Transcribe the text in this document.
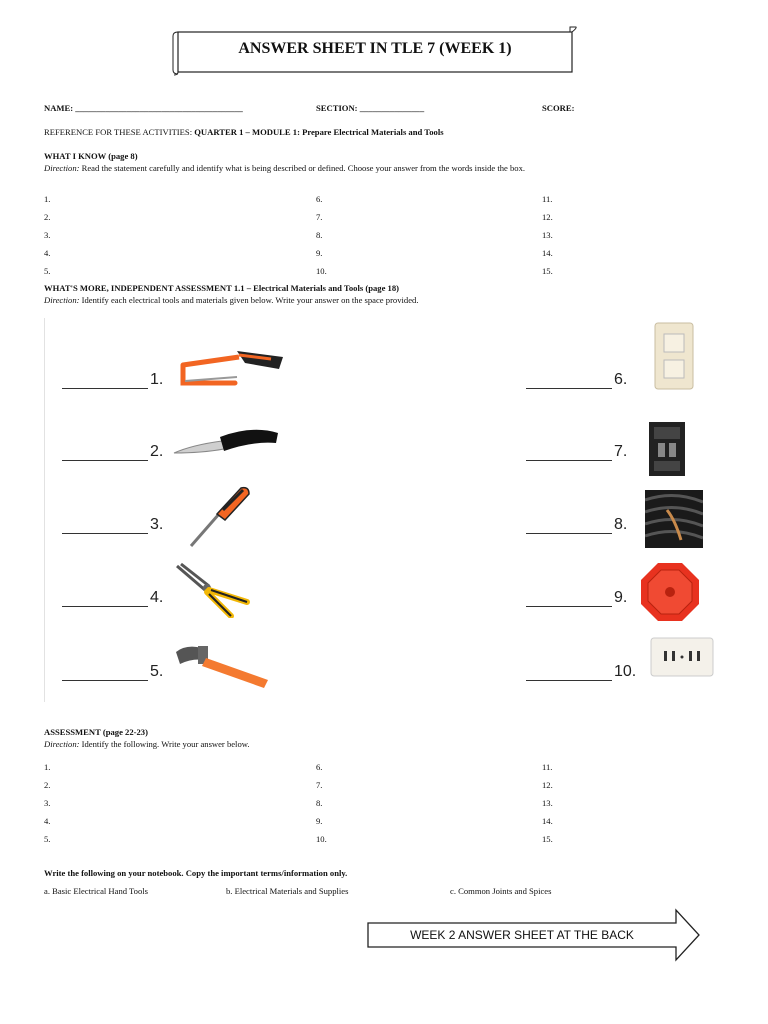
ANSWER SHEET IN TLE 7 (WEEK 1)
NAME: _______________________________________	SECTION: _______________	SCORE:
REFERENCE FOR THESE ACTIVITIES: QUARTER 1 – MODULE 1: Prepare Electrical Materials and Tools
WHAT I KNOW (page 8)
Direction: Read the statement carefully and identify what is being described or defined. Choose your answer from the words inside the box.
1.
2.
3.
4.
5.
6.
7.
8.
9.
10.
11.
12.
13.
14.
15.
WHAT'S MORE, INDEPENDENT ASSESSMENT 1.1 – Electrical Materials and Tools (page 18)
Direction: Identify each electrical tools and materials given below. Write your answer on the space provided.
1.
2.
3.
4.
5.
6.
7.
8.
9.
10.
ASSESSMENT (page 22-23)
Direction: Identify the following. Write your answer below.
1.
2.
3.
4.
5.
6.
7.
8.
9.
10.
11.
12.
13.
14.
15.
Write the following on your notebook. Copy the important terms/information only.
a. Basic Electrical Hand Tools	b. Electrical Materials and Supplies	c. Common Joints and Spices
WEEK 2 ANSWER SHEET AT THE BACK
